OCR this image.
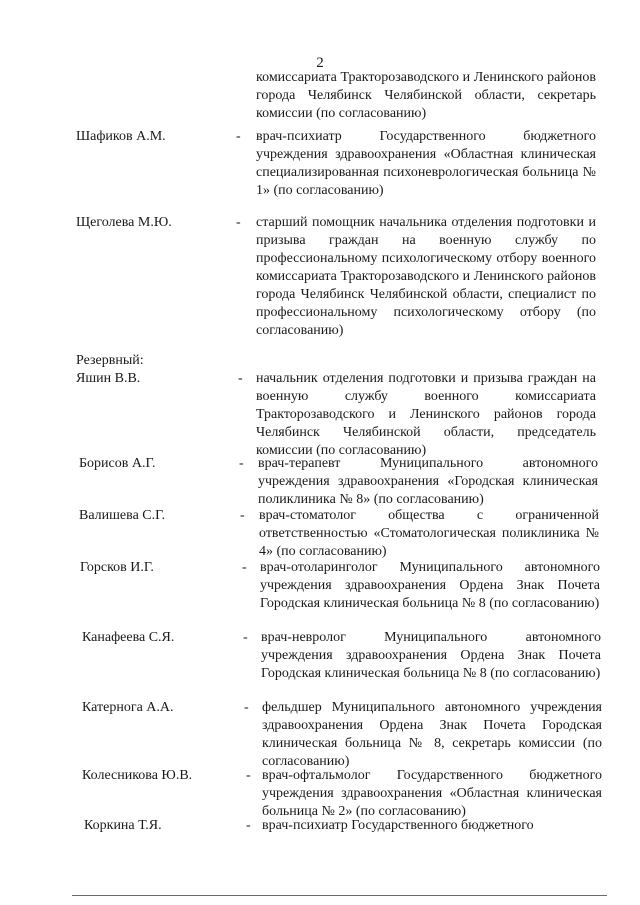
2
комиссариата Тракторозаводского и Ленинского районов города Челябинск Челябинской области, секретарь комиссии (по согласованию)
Шафиков А.М.	- врач-психиатр Государственного бюджетного учреждения здравоохранения «Областная клиническая специализированная психоневрологическая больница № 1» (по согласованию)
Щеголева М.Ю.	- старший помощник начальника отделения подготовки и призыва граждан на военную службу по профессиональному психологическому отбору военного комиссариата Тракторозаводского и Ленинского районов города Челябинск Челябинской области, специалист по профессиональному психологическому отбору (по согласованию)
Резервный:
Яшин В.В.	- начальник отделения подготовки и призыва граждан на военную службу военного комиссариата Тракторозаводского и Ленинского районов города Челябинск Челябинской области, председатель комиссии (по согласованию)
Борисов А.Г.	- врач-терапевт Муниципального автономного учреждения здравоохранения «Городская клиническая поликлиника № 8» (по согласованию)
Валишева С.Г.	- врач-стоматолог общества с ограниченной ответственностью «Стоматологическая поликлиника № 4» (по согласованию)
Горсков И.Г.	- врач-отоларинголог Муниципального автономного учреждения здравоохранения Ордена Знак Почета Городская клиническая больница № 8 (по согласованию)
Канафеева С.Я.	- врач-невролог Муниципального автономного учреждения здравоохранения Ордена Знак Почета Городская клиническая больница № 8 (по согласованию)
Катернога А.А.	- фельдшер Муниципального автономного учреждения здравоохранения Ордена Знак Почета Городская клиническая больница № 8, секретарь комиссии (по согласованию)
Колесникова Ю.В.	- врач-офтальмолог Государственного бюджетного учреждения здравоохранения «Областная клиническая больница № 2» (по согласованию)
Коркина Т.Я.	- врач-психиатр Государственного бюджетного
